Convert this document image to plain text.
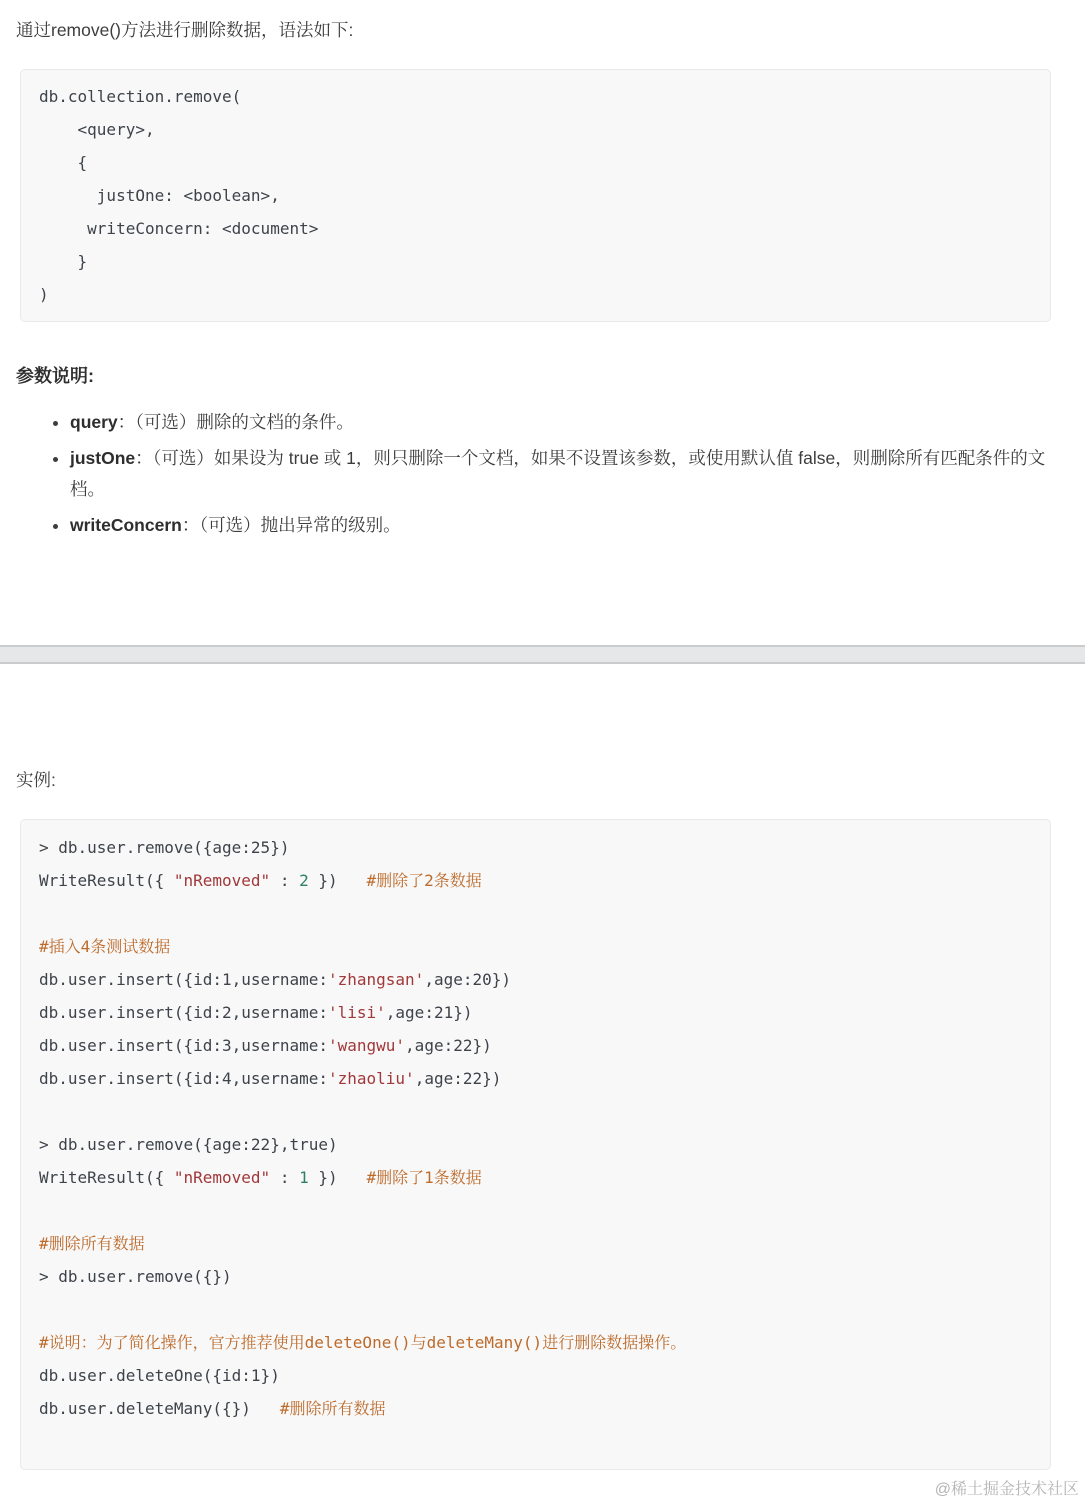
通过remove()方法进行删除数据，语法如下:

db.collection.remove(
<query>,
{
justOne: <boolean>,
writeConcern: <document>
}
)
参数说明:
• query：（可选）删除的文档的条件。
• justOne：（可选）如果设为 true 或 1，则只删除一个文档，如果不设置该参数，或使用默认值 false，则删除所有匹配条件的文档。
• writeConcern：（可选）抛出异常的级别。

实例:

> db.user.remove({age:25})
WriteResult({ "nRemoved" : 2 })   #删除了2条数据

#插入4条测试数据
db.user.insert({id:1,username:'zhangsan',age:20})
db.user.insert({id:2,username:'lisi',age:21})
db.user.insert({id:3,username:'wangwu',age:22})
db.user.insert({id:4,username:'zhaoliu',age:22})

> db.user.remove({age:22},true)
WriteResult({ "nRemoved" : 1 })   #删除了1条数据

#删除所有数据
> db.user.remove({})

#说明：为了简化操作，官方推荐使用deleteOne()与deleteMany()进行删除数据操作。
db.user.deleteOne({id:1})
db.user.deleteMany({})   #删除所有数据

@稀土掘金技术社区
